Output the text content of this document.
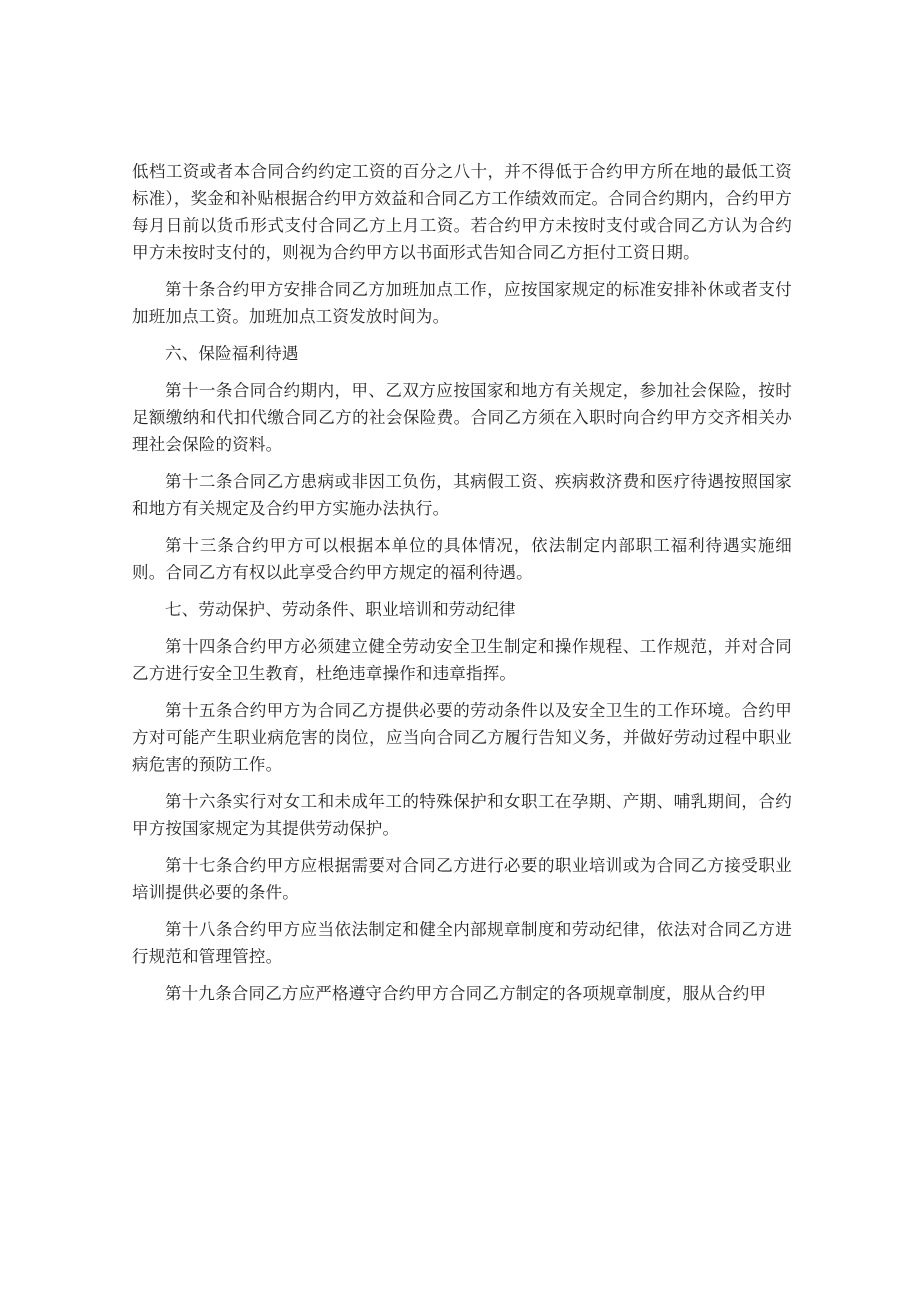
低档工资或者本合同合约约定工资的百分之八十，并不得低于合约甲方所在地的最低工资标准），奖金和补贴根据合约甲方效益和合同乙方工作绩效而定。合同合约期内，合约甲方每月日前以货币形式支付合同乙方上月工资。若合约甲方未按时支付或合同乙方认为合约甲方未按时支付的，则视为合约甲方以书面形式告知合同乙方拒付工资日期。

第十条合约甲方安排合同乙方加班加点工作，应按国家规定的标准安排补休或者支付加班加点工资。加班加点工资发放时间为。

六、保险福利待遇

第十一条合同合约期内，甲、乙双方应按国家和地方有关规定，参加社会保险，按时足额缴纳和代扣代缴合同乙方的社会保险费。合同乙方须在入职时向合约甲方交齐相关办理社会保险的资料。

第十二条合同乙方患病或非因工负伤，其病假工资、疾病救济费和医疗待遇按照国家和地方有关规定及合约甲方实施办法执行。

第十三条合约甲方可以根据本单位的具体情况，依法制定内部职工福利待遇实施细则。合同乙方有权以此享受合约甲方规定的福利待遇。

七、劳动保护、劳动条件、职业培训和劳动纪律

第十四条合约甲方必须建立健全劳动安全卫生制定和操作规程、工作规范，并对合同乙方进行安全卫生教育，杜绝违章操作和违章指挥。

第十五条合约甲方为合同乙方提供必要的劳动条件以及安全卫生的工作环境。合约甲方对可能产生职业病危害的岗位，应当向合同乙方履行告知义务，并做好劳动过程中职业病危害的预防工作。

第十六条实行对女工和未成年工的特殊保护和女职工在孕期、产期、哺乳期间，合约甲方按国家规定为其提供劳动保护。

第十七条合约甲方应根据需要对合同乙方进行必要的职业培训或为合同乙方接受职业培训提供必要的条件。

第十八条合约甲方应当依法制定和健全内部规章制度和劳动纪律，依法对合同乙方进行规范和管理管控。

第十九条合同乙方应严格遵守合约甲方合同乙方制定的各项规章制度，服从合约甲
